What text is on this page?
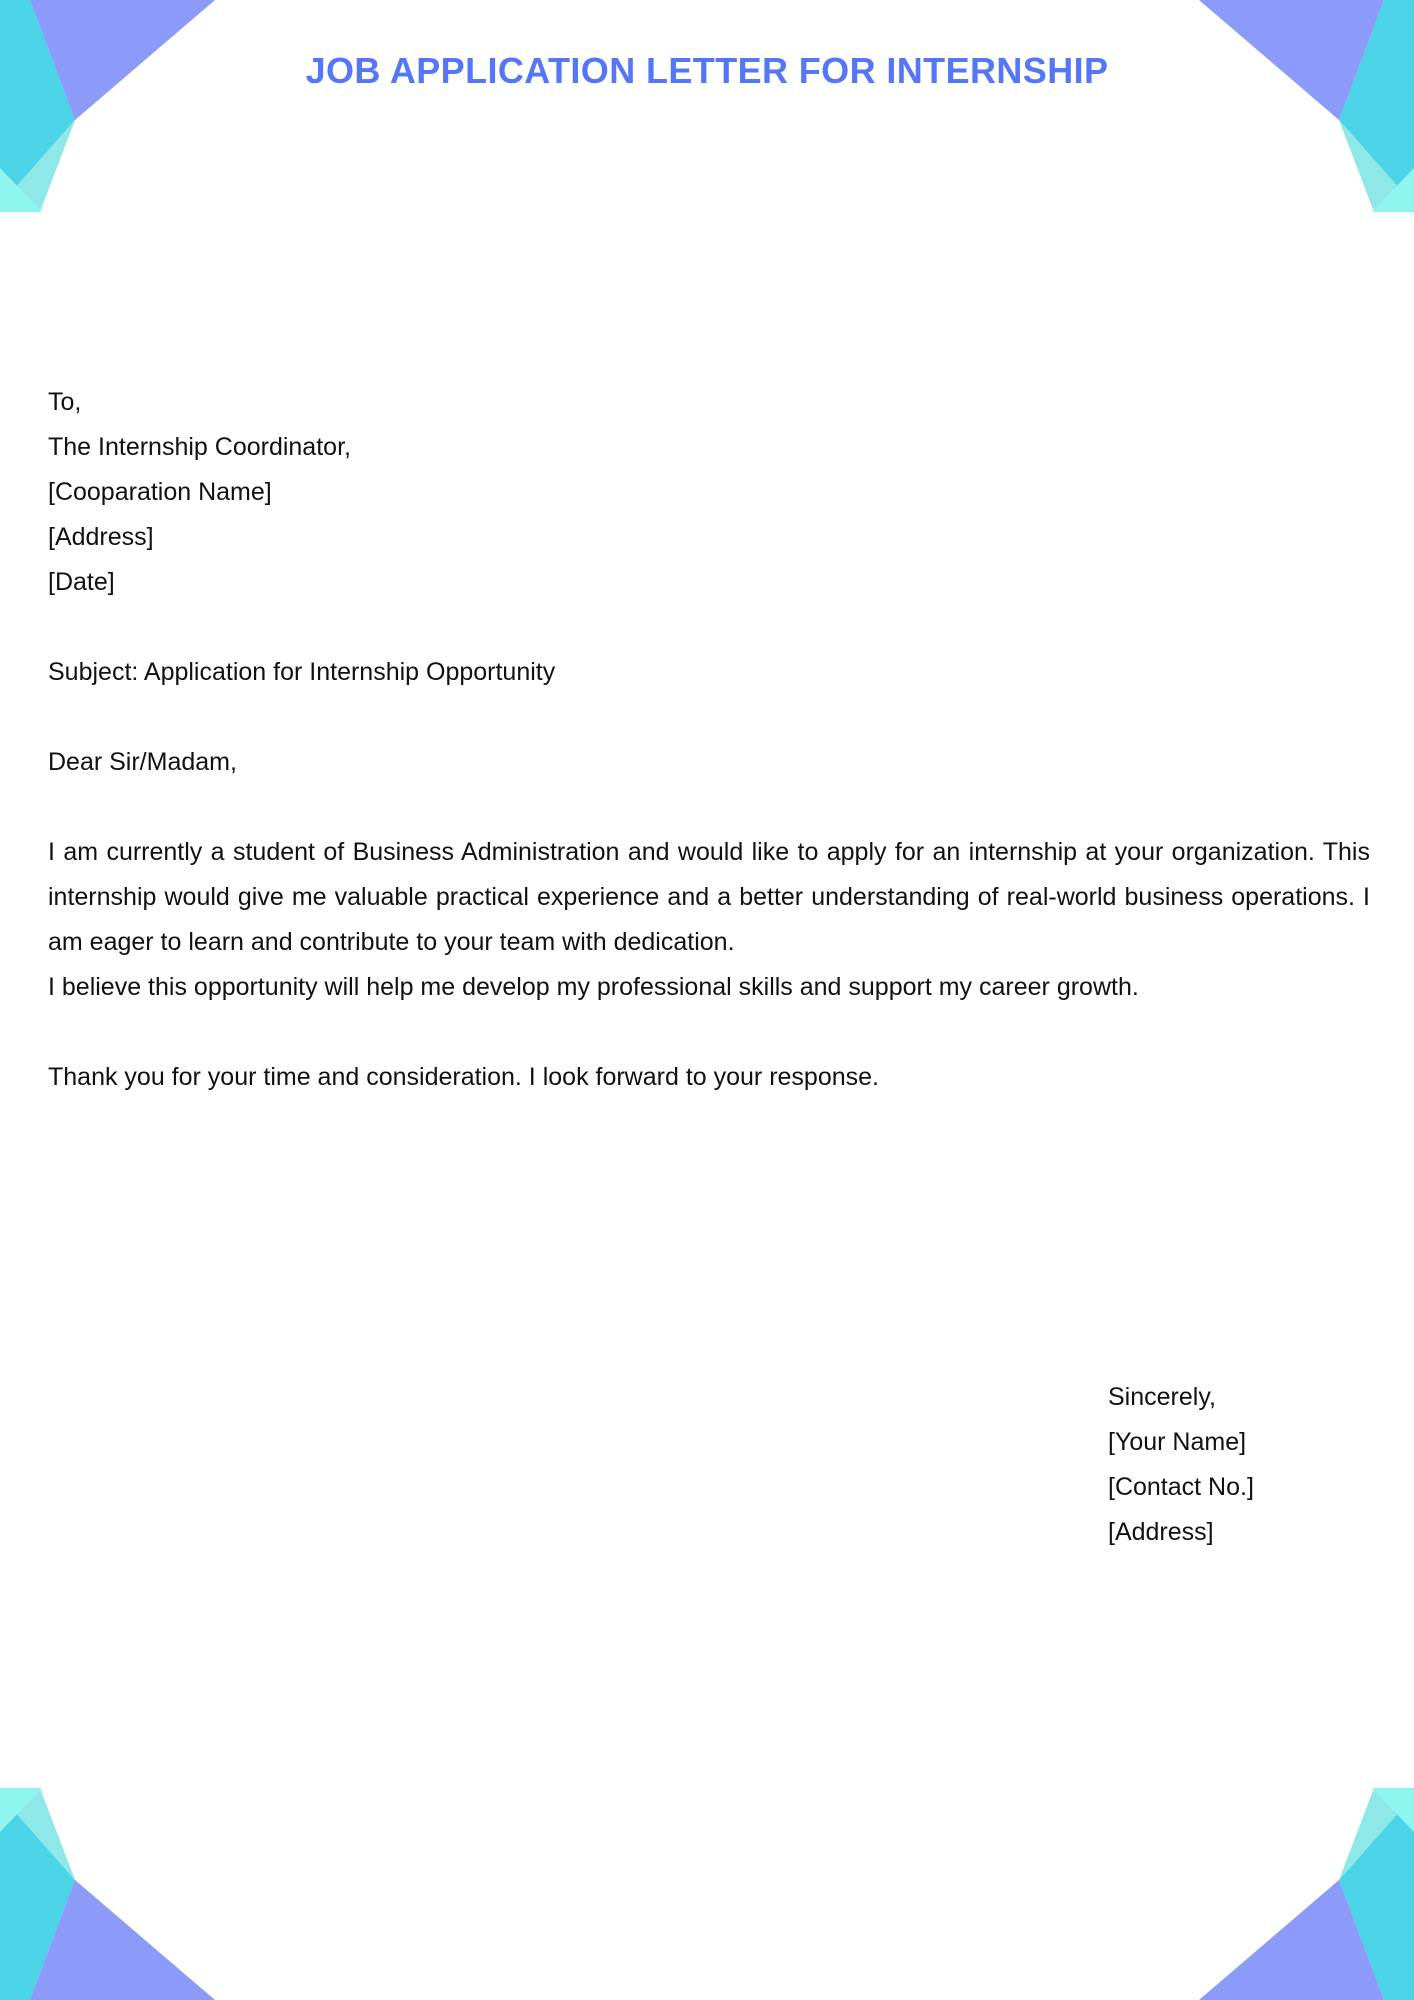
JOB APPLICATION LETTER FOR INTERNSHIP
To,
The Internship Coordinator,
[Cooparation Name]
[Address]
[Date]
Subject: Application for Internship Opportunity
Dear Sir/Madam,

I am currently a student of Business Administration and would like to apply for an internship at your organization. This internship would give me valuable practical experience and a better understanding of real-world business operations. I am eager to learn and contribute to your team with dedication.

I believe this opportunity will help me develop my professional skills and support my career growth.

Thank you for your time and consideration. I look forward to your response.

Sincerely,
[Your Name]
[Contact No.]
[Address]
